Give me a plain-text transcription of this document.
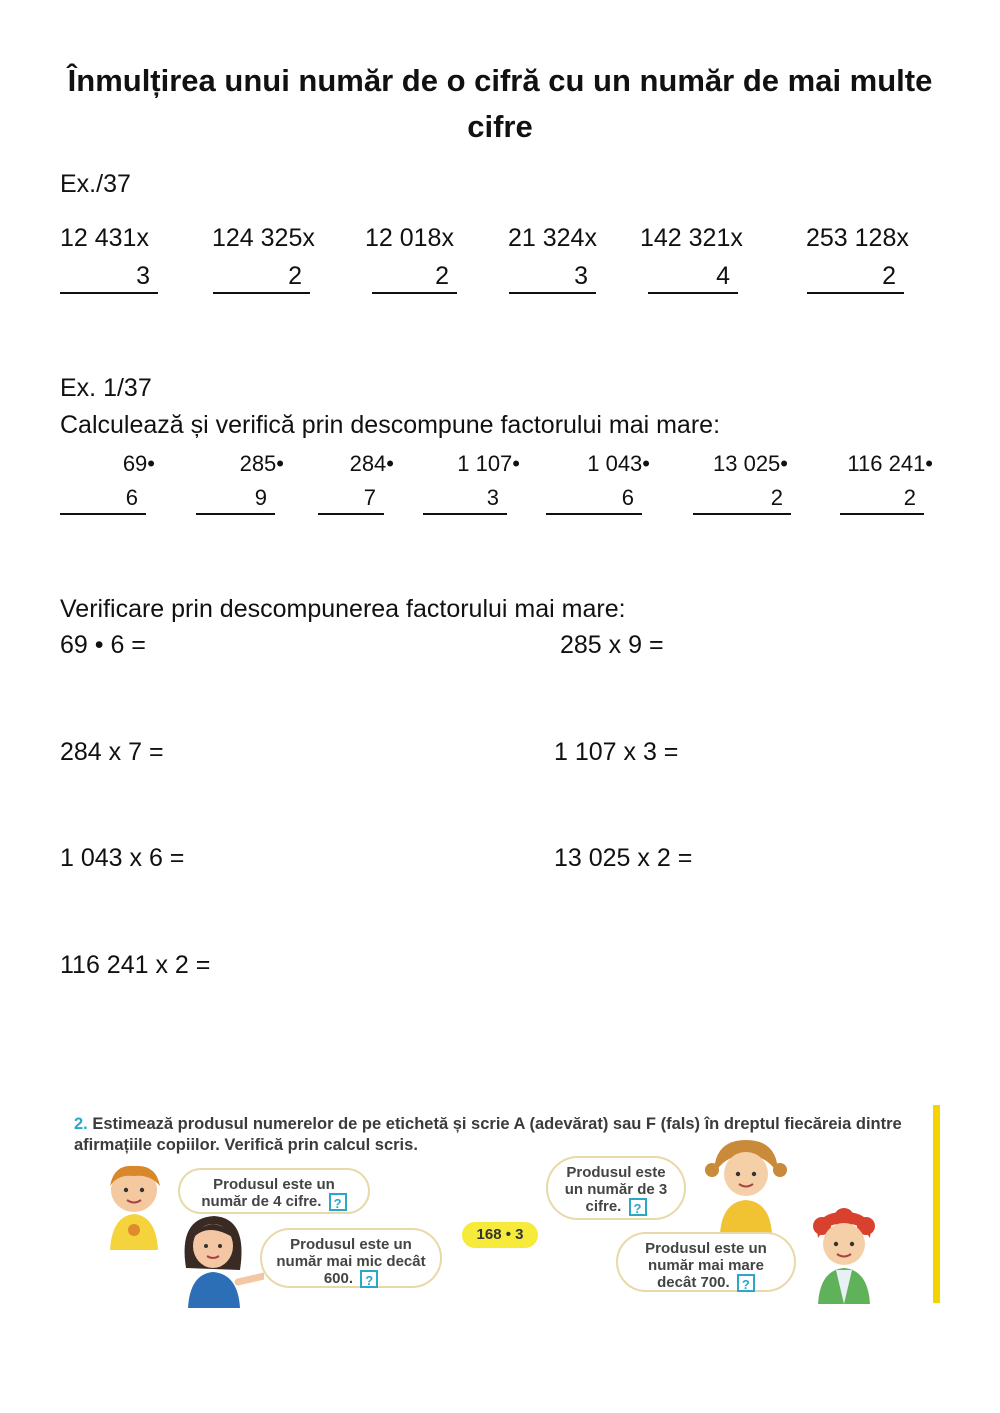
Înmulțirea unui număr de o cifră cu un număr de mai multe cifre
Ex./37
12 431x
3
124 325x
2
12 018x
2
21 324x
3
142 321x
4
253 128x
2
Ex. 1/37
Calculează și verifică prin descompune factorului mai mare:
69•
6
285•
9
284•
7
1 107•
3
1 043•
6
13 025•
2
116 241•
2
Verificare prin descompunerea factorului mai mare:
69 • 6 =	285 x 9 =
284 x 7 =	1 107 x 3 =
1 043 x 6 =	13 025 x 2 =
116 241 x 2 =
2. Estimează produsul numerelor de pe etichetă și scrie A (adevărat) sau F (fals) în dreptul fiecăreia dintre afirmațiile copiilor. Verifică prin calcul scris.
Produsul este un număr de 4 cifre. ?
Produsul este un număr mai mic decât 600. ?
Produsul este un număr de 3 cifre. ?
Produsul este un număr mai mare decât 700. ?
168 • 3
